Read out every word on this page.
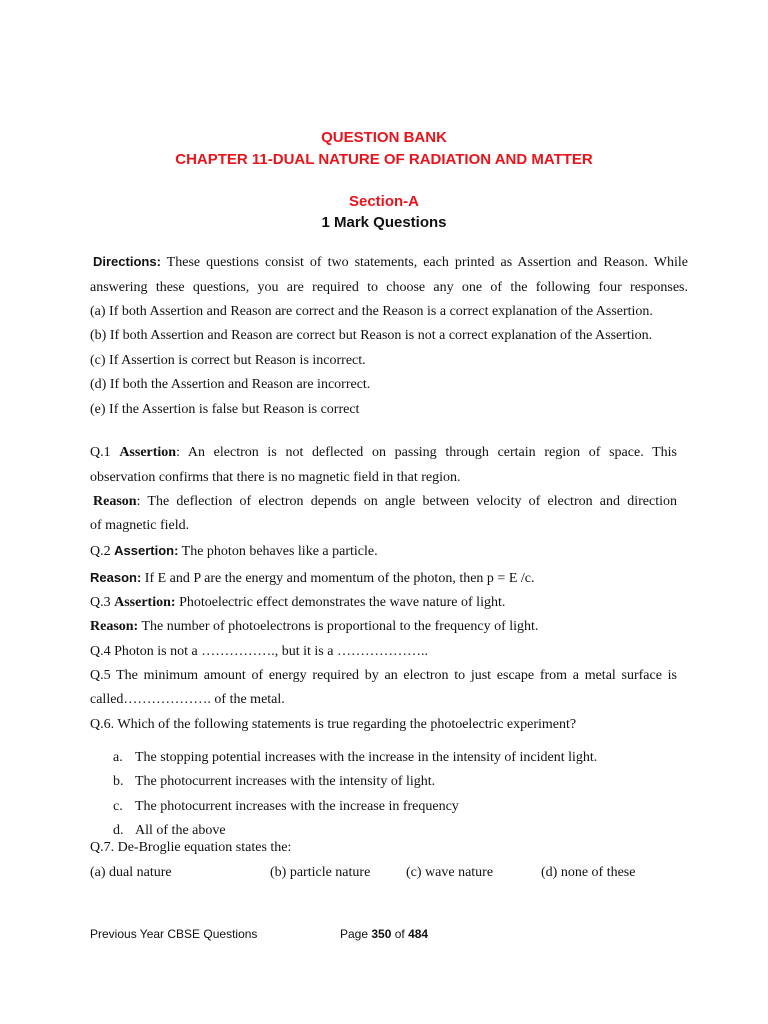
QUESTION BANK
CHAPTER 11-DUAL NATURE OF RADIATION AND MATTER
Section-A
1 Mark Questions
Directions: These questions consist of two statements, each printed as Assertion and Reason. While
answering these questions, you are required to choose any one of the following four responses.
(a) If both Assertion and Reason are correct and the Reason is a correct explanation of the Assertion.
(b) If both Assertion and Reason are correct but Reason is not a correct explanation of the Assertion.
(c) If Assertion is correct but Reason is incorrect.
(d) If both the Assertion and Reason are incorrect.
(e) If the Assertion is false but Reason is correct
Q.1 Assertion: An electron is not deflected on passing through certain region of space. This
observation confirms that there is no magnetic field in that region.
Reason: The deflection of electron depends on angle between velocity of electron and direction
of magnetic field.
Q.2 Assertion: The photon behaves like a particle.
Reason: If E and P are the energy and momentum of the photon, then p = E /c.
Q.3 Assertion: Photoelectric effect demonstrates the wave nature of light.
Reason: The number of photoelectrons is proportional to the frequency of light.
Q.4 Photon is not a ……………., but it is a ………………..
Q.5 The minimum amount of energy required by an electron to just escape from a metal surface is
called………………. of the metal.
Q.6. Which of the following statements is true regarding the photoelectric experiment?
a. The stopping potential increases with the increase in the intensity of incident light.
b. The photocurrent increases with the intensity of light.
c. The photocurrent increases with the increase in frequency
d. All of the above
Q.7. De-Broglie equation states the:
(a) dual nature	(b) particle nature	(c) wave nature	(d) none of these
Previous Year CBSE Questions	Page 350 of 484
